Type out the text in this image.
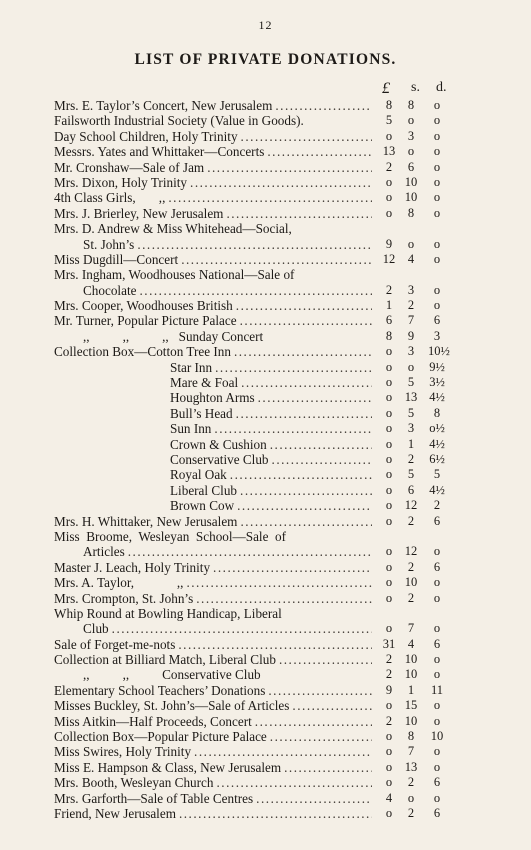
12
LIST OF PRIVATE DONATIONS.
£ s. d.
Mrs. E. Taylor’s Concert, New Jerusalem .....	8	8	o
Failsworth Industrial Society (Value in Goods).	5	o	o
Day School Children, Holy Trinity .....	o	3	o
Messrs. Yates and Whittaker—Concerts .....	13	o	o
Mr. Cronshaw—Sale of Jam .....	2	6	o
Mrs. Dixon, Holy Trinity .....	o	10	o
4th Class Girls,       ,, .....	o	10	o
Mrs. J. Brierley, New Jerusalem .....	o	8	o
Mrs. D. Andrew & Miss Whitehead—Social,
St. John’s .....	9	o	o
Miss Dugdill—Concert .....	12	4	o
Mrs. Ingham, Woodhouses National—Sale of
Chocolate .....	2	3	o
Mrs. Cooper, Woodhouses British .....	1	2	o
Mr. Turner, Popular Picture Palace .....	6	7	6
,,          ,,          ,,   Sunday Concert	8	9	3
Collection Box—Cotton Tree Inn .....	o	3	10½
Star Inn .....	o	o	9½
Mare & Foal .....	o	5	3½
Houghton Arms .....	o	13 4½
Bull’s Head .....	o	5	8
Sun Inn .....	o	3	o½
Crown & Cushion .....	o	1	4½
Conservative Club .....	o	2	6½
Royal Oak .....	o	5	5
Liberal Club .....	o	6	4½
Brown Cow .....	o	12	2
Mrs. H. Whittaker, New Jerusalem .....	o	2	6
Miss  Broome,  Wesleyan  School—Sale  of
Articles .....	o	12	o
Master J. Leach, Holy Trinity .....	o	2	6
Mrs. A. Taylor,             ,, .....	o	10	o
Mrs. Crompton, St. John’s .....	o	2	o
Whip Round at Bowling Handicap, Liberal
Club .....	o	7	o
Sale of Forget-me-nots .....	31	4	6
Collection at Billiard Match, Liberal Club .....	2	10	o
,,          ,,          Conservative Club	2	10	o
Elementary School Teachers’ Donations .....	9	1	11
Misses Buckley, St. John’s—Sale of Articles .....	o	15	o
Miss Aitkin—Half Proceeds, Concert .....	2	10	o
Collection Box—Popular Picture Palace .....	o	8	10
Miss Swires, Holy Trinity .....	o	7	o
Miss E. Hampson & Class, New Jerusalem .....	o	13	o
Mrs. Booth, Wesleyan Church .....	o	2	6
Mrs. Garforth—Sale of Table Centres .....	4	o	o
Friend, New Jerusalem .....	o	2	6
